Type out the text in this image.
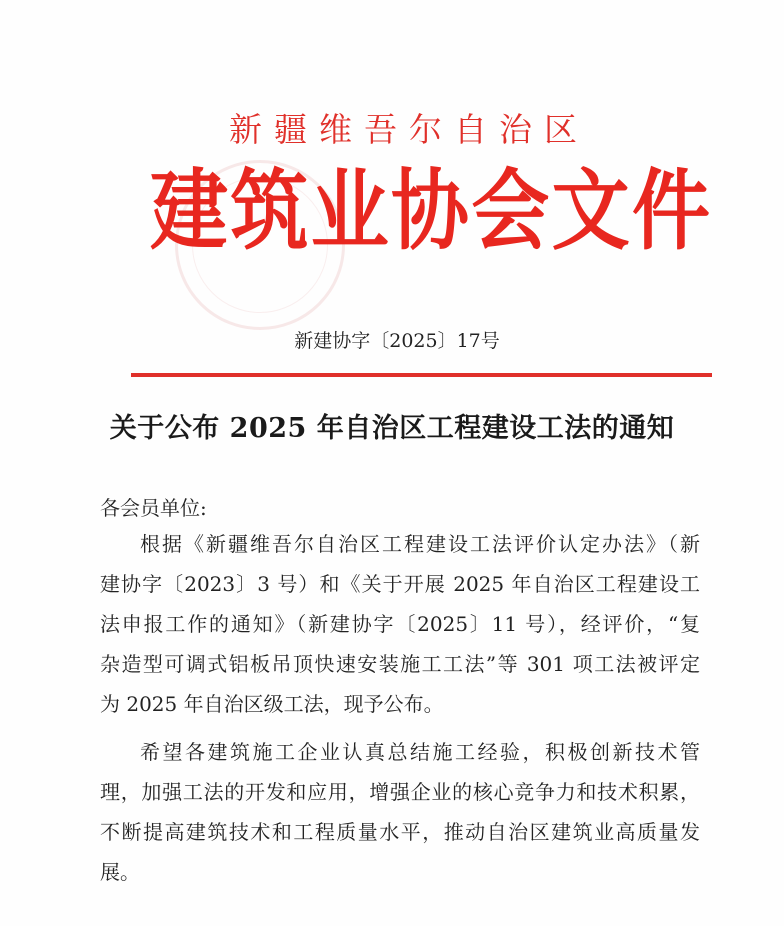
新疆维吾尔自治区
建 筑 业 协 会 文 件
新建协字〔2025〕17号
关于公布 2025 年自治区工程建设工法的通知
各会员单位:
根据《新疆维吾尔自治区工程建设工法评价认定办法》（新
建协字〔2023〕3 号）和《关于开展 2025 年自治区工程建设工
法申报工作的通知》（新建协字〔2025〕11 号），经评价，“复
杂造型可调式铝板吊顶快速安装施工工法”等 301 项工法被评定
为 2025 年自治区级工法，现予公布。
希望各建筑施工企业认真总结施工经验，积极创新技术管
理，加强工法的开发和应用，增强企业的核心竞争力和技术积累，
不断提高建筑技术和工程质量水平，推动自治区建筑业高质量发
展。
